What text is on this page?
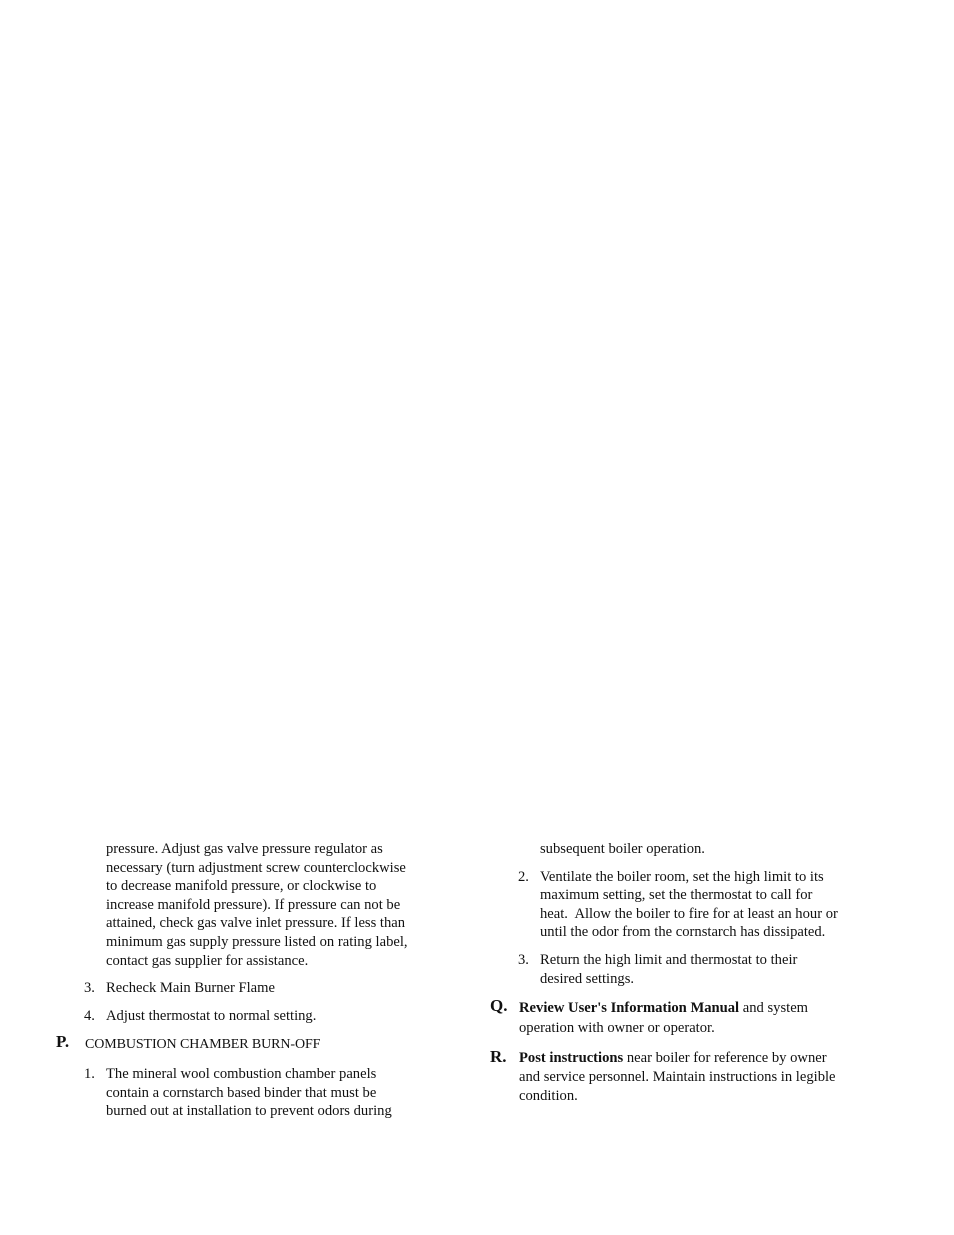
pressure. Adjust gas valve pressure regulator as
necessary (turn adjustment screw counterclockwise
to decrease manifold pressure, or clockwise to
increase manifold pressure). If pressure can not be
attained, check gas valve inlet pressure. If less than
minimum gas supply pressure listed on rating label,
contact gas supplier for assistance.

3. Recheck Main Burner Flame
4. Adjust thermostat to normal setting.
P. COMBUSTION CHAMBER BURN-OFF
1. The mineral wool combustion chamber panels
contain a cornstarch based binder that must be
burned out at installation to prevent odors during

subsequent boiler operation.

2. Ventilate the boiler room, set the high limit to its
maximum setting, set the thermostat to call for
heat.  Allow the boiler to fire for at least an hour or
until the odor from the cornstarch has dissipated.
3. Return the high limit and thermostat to their
desired settings.
Q. Review User's Information Manual and system
operation with owner or operator.
R. Post instructions near boiler for reference by owner
and service personnel. Maintain instructions in legible
condition.
